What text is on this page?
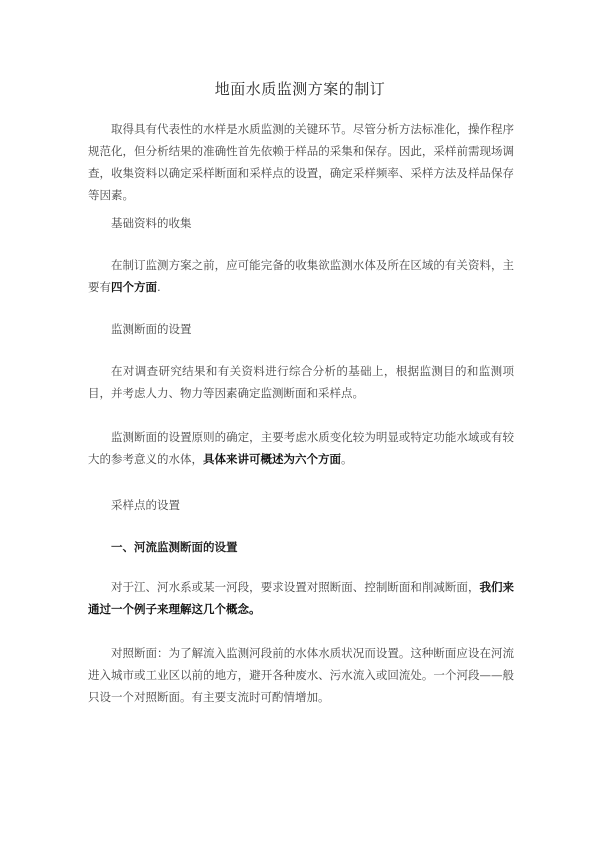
地面水质监测方案的制订

取得具有代表性的水样是水质监测的关键环节。尽管分析方法标准化，操作程序规范化，但分析结果的准确性首先依赖于样品的采集和保存。因此，采样前需现场调查，收集资料以确定采样断面和采样点的设置，确定采样频率、采样方法及样品保存等因素。

基础资料的收集

在制订监测方案之前，应可能完备的收集欲监测水体及所在区域的有关资料，主要有四个方面.

监测断面的设置

在对调查研究结果和有关资料进行综合分析的基础上，根据监测目的和监测项目，并考虑人力、物力等因素确定监测断面和采样点。

监测断面的设置原则的确定，主要考虑水质变化较为明显或特定功能水域或有较大的参考意义的水体，具体来讲可概述为六个方面。

采样点的设置

一、河流监测断面的设置

对于江、河水系或某一河段，要求设置对照断面、控制断面和削减断面，我们来通过一个例子来理解这几个概念。

对照断面：为了解流入监测河段前的水体水质状况而设置。这种断面应设在河流进入城市或工业区以前的地方，避开各种废水、污水流入或回流处。一个河段——般只设一个对照断面。有主要支流时可酌情增加。
